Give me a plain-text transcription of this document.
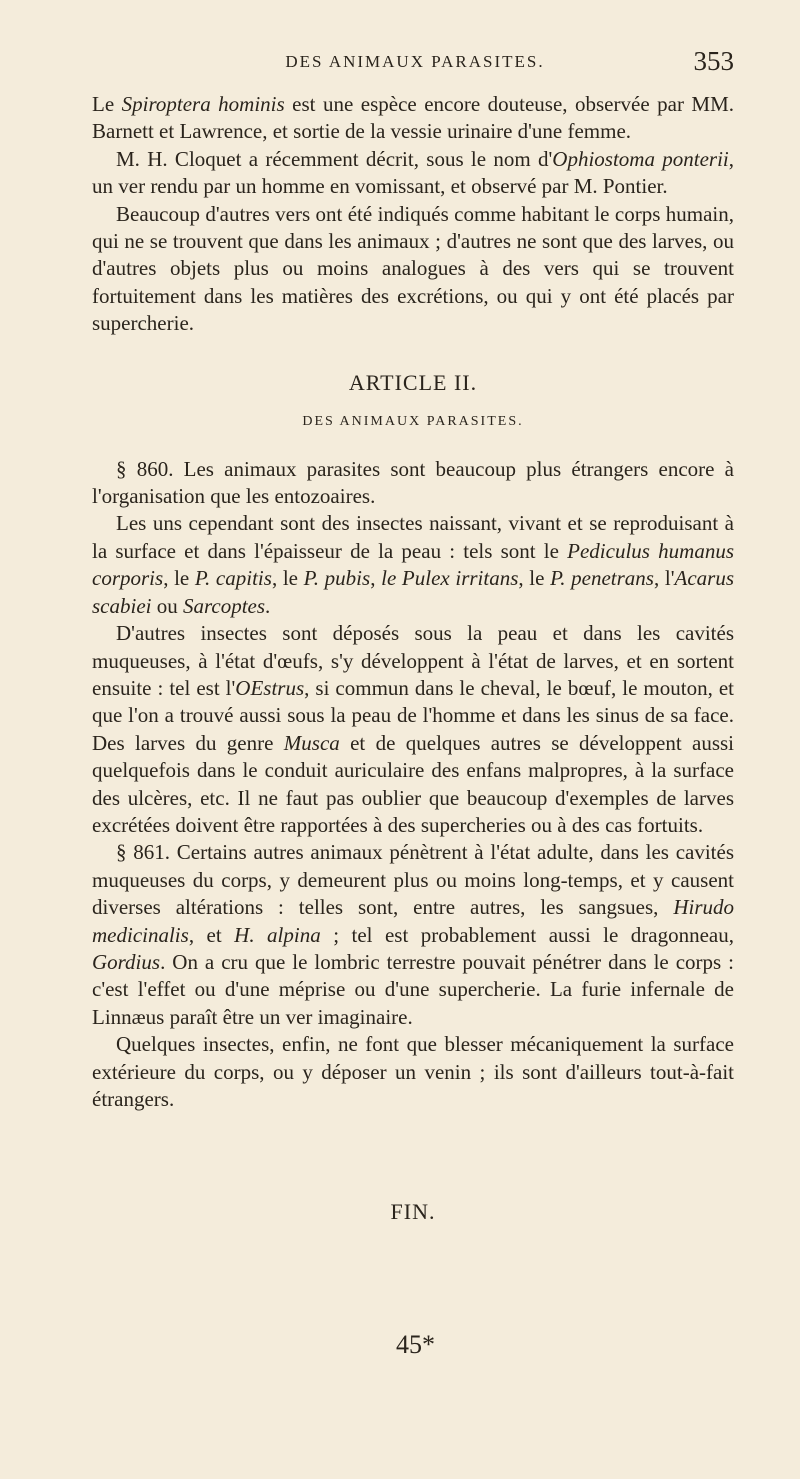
DES ANIMAUX PARASITES.	353

Le Spiroptera hominis est une espèce encore douteuse, observée par MM. Barnett et Lawrence, et sortie de la vessie urinaire d'une femme.

M. H. Cloquet a récemment décrit, sous le nom d'Ophiostoma ponterii, un ver rendu par un homme en vomissant, et observé par M. Pontier.

Beaucoup d'autres vers ont été indiqués comme habitant le corps humain, qui ne se trouvent que dans les animaux ; d'autres ne sont que des larves, ou d'autres objets plus ou moins analogues à des vers qui se trouvent fortuitement dans les matières des excrétions, ou qui y ont été placés par supercherie.

ARTICLE II.
DES ANIMAUX PARASITES.

§ 860. Les animaux parasites sont beaucoup plus étrangers encore à l'organisation que les entozoaires.

Les uns cependant sont des insectes naissant, vivant et se reproduisant à la surface et dans l'épaisseur de la peau : tels sont le Pediculus humanus corporis, le P. capitis, le P. pubis, le Pulex irritans, le P. penetrans, l'Acarus scabiei ou Sarcoptes.

D'autres insectes sont déposés sous la peau et dans les cavités muqueuses, à l'état d'œufs, s'y développent à l'état de larves, et en sortent ensuite : tel est l'OEstrus, si commun dans le cheval, le bœuf, le mouton, et que l'on a trouvé aussi sous la peau de l'homme et dans les sinus de sa face. Des larves du genre Musca et de quelques autres se développent aussi quelquefois dans le conduit auriculaire des enfans malpropres, à la surface des ulcères, etc. Il ne faut pas oublier que beaucoup d'exemples de larves excrétées doivent être rapportées à des supercheries ou à des cas fortuits.

§ 861. Certains autres animaux pénètrent à l'état adulte, dans les cavités muqueuses du corps, y demeurent plus ou moins long-temps, et y causent diverses altérations : telles sont, entre autres, les sangsues, Hirudo medicinalis, et H. alpina ; tel est probablement aussi le dragonneau, Gordius. On a cru que le lombric terrestre pouvait pénétrer dans le corps : c'est l'effet ou d'une méprise ou d'une supercherie. La furie infernale de Linnæus paraît être un ver imaginaire.

Quelques insectes, enfin, ne font que blesser mécaniquement la surface extérieure du corps, ou y déposer un venin ; ils sont d'ailleurs tout-à-fait étrangers.

FIN.
45*
